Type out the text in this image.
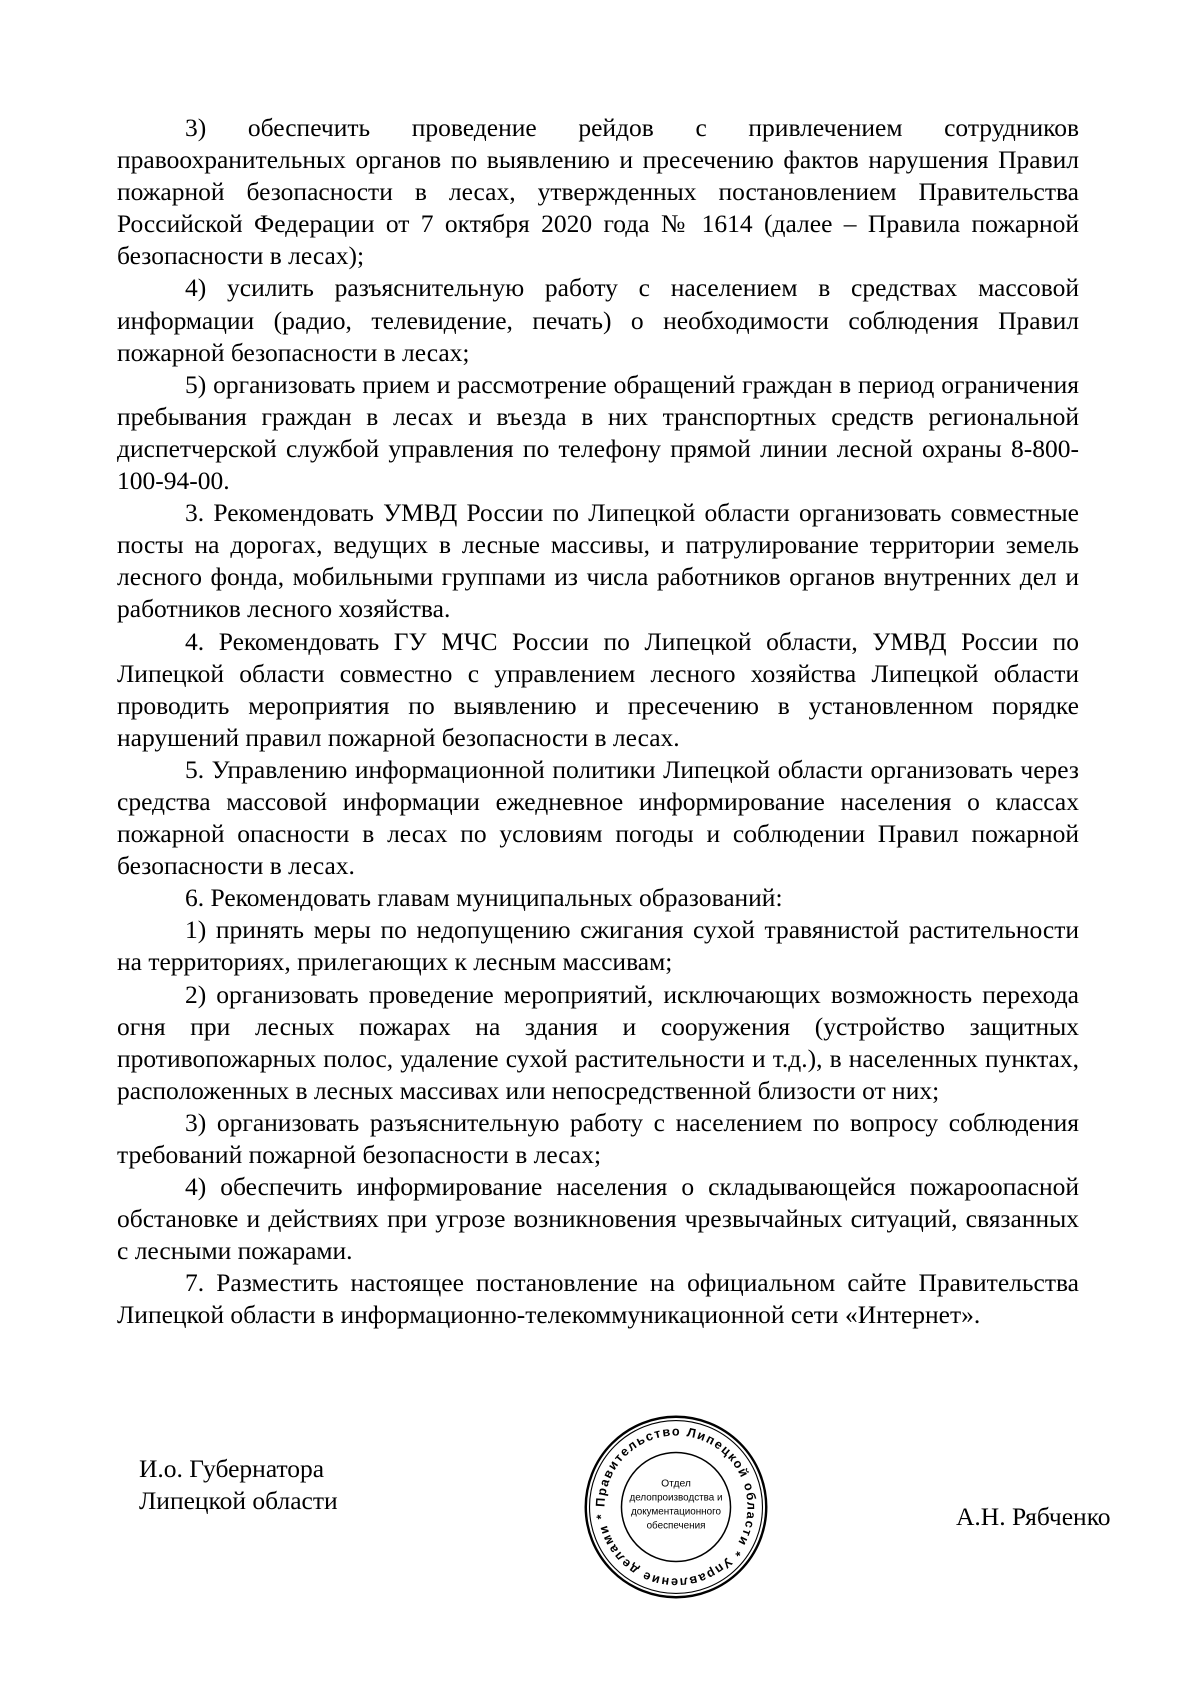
3) обеспечить проведение рейдов с привлечением сотрудников правоохранительных органов по выявлению и пресечению фактов нарушения Правил пожарной безопасности в лесах, утвержденных постановлением Правительства Российской Федерации от 7 октября 2020 года № 1614 (далее – Правила пожарной безопасности в лесах);

4) усилить разъяснительную работу с населением в средствах массовой информации (радио, телевидение, печать) о необходимости соблюдения Правил пожарной безопасности в лесах;

5) организовать прием и рассмотрение обращений граждан в период ограничения пребывания граждан в лесах и въезда в них транспортных средств региональной диспетчерской службой управления по телефону прямой линии лесной охраны 8-800-100-94-00.

3. Рекомендовать УМВД России по Липецкой области организовать совместные посты на дорогах, ведущих в лесные массивы, и патрулирование территории земель лесного фонда, мобильными группами из числа работников органов внутренних дел и работников лесного хозяйства.

4. Рекомендовать ГУ МЧС России по Липецкой области, УМВД России по Липецкой области совместно с управлением лесного хозяйства Липецкой области проводить мероприятия по выявлению и пресечению в установленном порядке нарушений правил пожарной безопасности в лесах.

5. Управлению информационной политики Липецкой области организовать через средства массовой информации ежедневное информирование населения о классах пожарной опасности в лесах по условиям погоды и соблюдении Правил пожарной безопасности в лесах.

6. Рекомендовать главам муниципальных образований:

1) принять меры по недопущению сжигания сухой травянистой растительности на территориях, прилегающих к лесным массивам;

2) организовать проведение мероприятий, исключающих возможность перехода огня при лесных пожарах на здания и сооружения (устройство защитных противопожарных полос, удаление сухой растительности и т.д.), в населенных пунктах, расположенных в лесных массивах или непосредственной близости от них;

3) организовать разъяснительную работу с населением по вопросу соблюдения требований пожарной безопасности в лесах;

4) обеспечить информирование населения о складывающейся пожароопасной обстановке и действиях при угрозе возникновения чрезвычайных ситуаций, связанных с лесными пожарами.

7. Разместить настоящее постановление на официальном сайте Правительства Липецкой области в информационно-телекоммуникационной сети «Интернет».

И.о. Губернатора
Липецкой области
А.Н. Рябченко
Правительство Липецкой области * Управление делами *
Отдел
делопроизводства и
документационного
обеспечения
